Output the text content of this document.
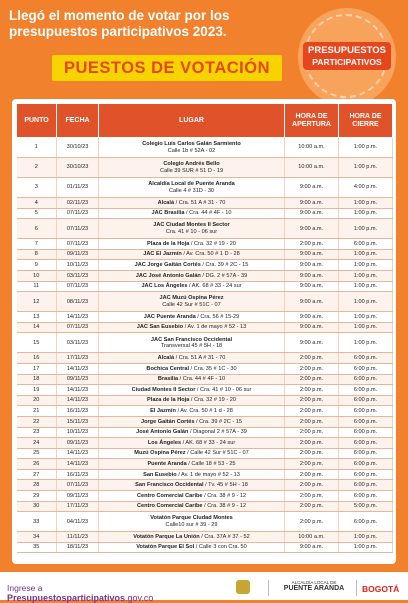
Llegó el momento de votar por los
presupuestos participativos 2023.
PUESTOS DE VOTACIÓN
PRESUPUESTOS
PARTICIPATIVOS
PUNTO	FECHA	LUGAR	HORA DE APERTURA	HORA DE CIERRE
1	30/10/23	Colegio Luis Carlos Galán Sarmiento
Calle 1b # 52A - 02	10:00 a.m.	1:00 p.m.
2	30/10/23	Colegio Andrés Bello
Calle 39 SUR # 51 D - 19	10:00 a.m.	1:00 p.m.
3	01/11/23	Alcaldía Local de Puente Aranda
Calle 4 # 31D - 30	9:00 a.m.	4:00 p.m.
4	02/11/23	Alcalá / Cra. 51 A # 31 - 70	9:00 a.m.	1:00 p.m.
5	07/11/23	JAC Brasilia / Cra. 44 # 4F - 10	9:00 a.m.	1:00 p.m.
6	07/11/23	JAC Ciudad Montes II Sector
Cra. 41 # 10 - 06 sur	9:00 a.m.	1:00 p.m.
7	07/11/23	Plaza de la Hoja / Cra. 32 # 19 - 20	2:00 p.m.	6:00 p.m.
8	09/11/23	JAC El Jazmín / Av. Cra. 50 # 1 D - 28	9:00 a.m.	1:00 p.m.
9	10/11/23	JAC Jorge Gaitán Cortés / Cra. 39 # 2C - 15	9:00 a.m.	1:00 p.m.
10	03/11/23	JAC José Antonio Galán / DG. 2 # 57A - 39	9:00 a.m.	1:00 p.m.
11	07/11/23	JAC Los Ángeles / AK. 68 # 33 - 24 sur	9:00 a.m.	1:00 p.m.
12	08/11/23	JAC Muzú Ospina Pérez
Calle 42 Sur # 51C - 07	9:00 a.m.	1:00 p.m.
13	14/11/23	JAC Puente Aranda / Cra. 56 # 15-29	9:00 a.m.	1:00 p.m.
14	07/11/23	JAC San Eusebio / Av. 1 de mayo # 52 - 13	9:00 a.m.	1:00 p.m.
15	03/11/23	JAC San Francisco Occidental
Transversal 45 # 5H - 18	9:00 a.m.	1:00 p.m.
16	17/11/23	Alcalá / Cra. 51 A # 31 - 70	2:00 p.m.	6:00 p.m.
17	14/11/23	Bochica Central / Cra. 35 # 1C - 30	2:00 p.m.	6:00 p.m.
18	09/11/23	Brasilia / Cra. 44 # 4F - 10	2:00 p.m.	6:00 p.m.
19	14/11/23	Ciudad Montes II Sector / Cra. 41 # 10 - 06 sur	2:00 p.m.	6:00 p.m.
20	14/11/23	Plaza de la Hoja / Cra. 32 # 19 - 20	2:00 p.m.	6:00 p.m.
21	16/11/23	El Jazmín / Av. Cra. 50 # 1 d - 28	2:00 p.m.	6:00 p.m.
22	15/11/23	Jorge Gaitán Cortés / Cra. 39 # 2C - 15	2:00 p.m.	6:00 p.m.
23	10/11/23	José Antonio Galán / Diagonal 2 # 57A - 39	2:00 p.m.	6:00 p.m.
24	09/11/23	Los Ángeles / AK. 68 # 33 - 24 sur	2:00 p.m.	6:00 p.m.
25	14/11/23	Muzú Ospina Pérez / Calle 42 Sur # 51C - 07	2:00 p.m.	6:00 p.m.
26	14/11/23	Puente Aranda / Calle 18 # 53 - 25	2:00 p.m.	6:00 p.m.
27	16/11/23	San Eusebio / Av. 1 de mayo # 52 - 13	2:00 p.m.	6:00 p.m.
28	07/11/23	San Francisco Occidental / Tv. 45 # 5H - 18	2:00 p.m.	6:00 p.m.
29	09/11/23	Centro Comercial Caribe / Cra. 38 # 9 - 12	2:00 p.m.	6:00 p.m.
30	17/11/23	Centro Comercial Caribe / Cra. 38 # 9 - 12	2:00 p.m.	5:00 p.m.
33	04/11/23	Votatón Parque Ciudad Montes
Calle10 sur # 39 - 29	2:00 p.m.	6:00 p.m.
34	11/11/23	Votatón Parque La Unión / Cra. 37A # 37 - 52	10:00 a.m.	1:00 p.m.
35	18/11/23	Votatón Parque El Sol / Calle 3 con Cra. 50	9:00 a.m.	1:00 p.m.
Ingrese a
Presupuestosparticipativos.gov.co
ALCALDÍA LOCAL DE
PUENTE ARANDA	BOGOTÁ
